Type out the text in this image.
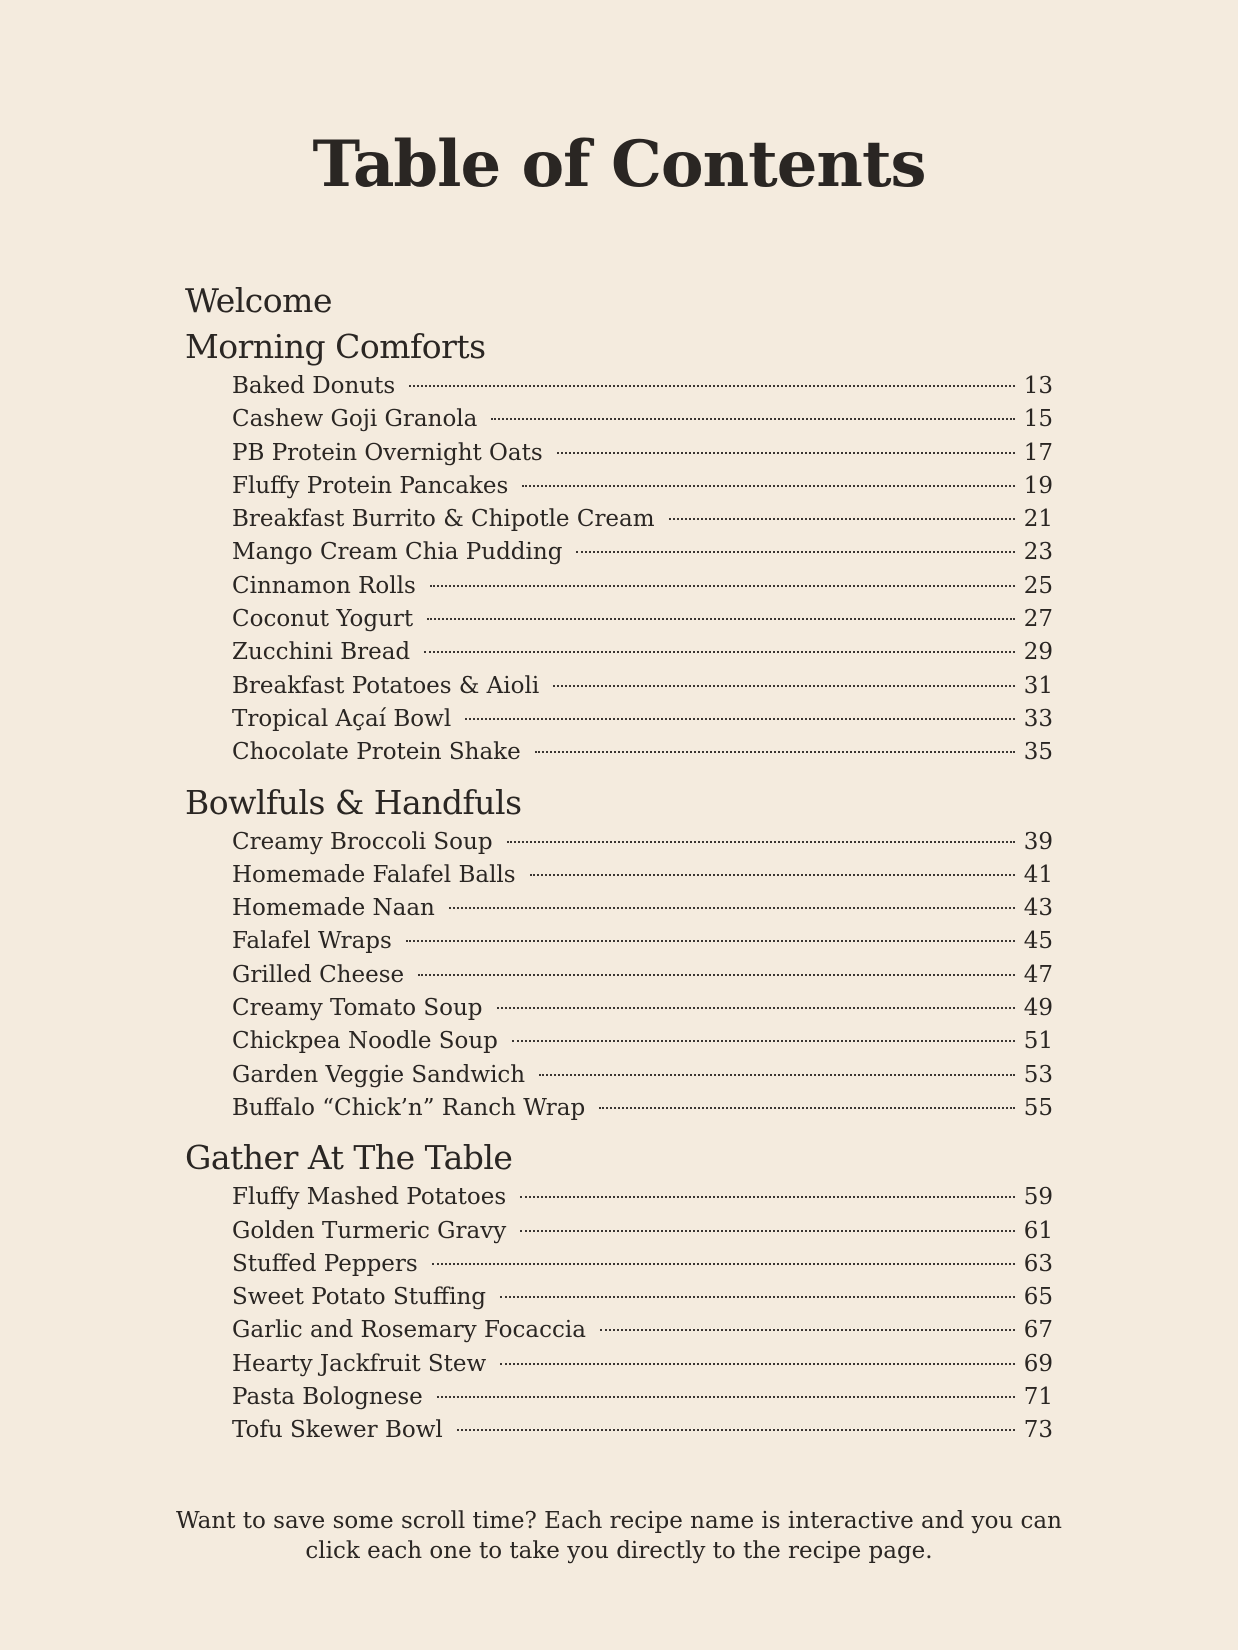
Table of Contents
Welcome
Morning Comforts
Baked Donuts	13
Cashew Goji Granola	15
PB Protein Overnight Oats	17
Fluffy Protein Pancakes	19
Breakfast Burrito & Chipotle Cream	21
Mango Cream Chia Pudding	23
Cinnamon Rolls	25
Coconut Yogurt	27
Zucchini Bread	29
Breakfast Potatoes & Aioli	31
Tropical Açaí Bowl	33
Chocolate Protein Shake	35
Bowlfuls & Handfuls
Creamy Broccoli Soup	39
Homemade Falafel Balls	41
Homemade Naan	43
Falafel Wraps	45
Grilled Cheese	47
Creamy Tomato Soup	49
Chickpea Noodle Soup	51
Garden Veggie Sandwich	53
Buffalo “Chick’n” Ranch Wrap	55
Gather At The Table
Fluffy Mashed Potatoes	59
Golden Turmeric Gravy	61
Stuffed Peppers	63
Sweet Potato Stuffing	65
Garlic and Rosemary Focaccia	67
Hearty Jackfruit Stew	69
Pasta Bolognese	71
Tofu Skewer Bowl	73

Want to save some scroll time? Each recipe name is interactive and you can click each one to take you directly to the recipe page.
